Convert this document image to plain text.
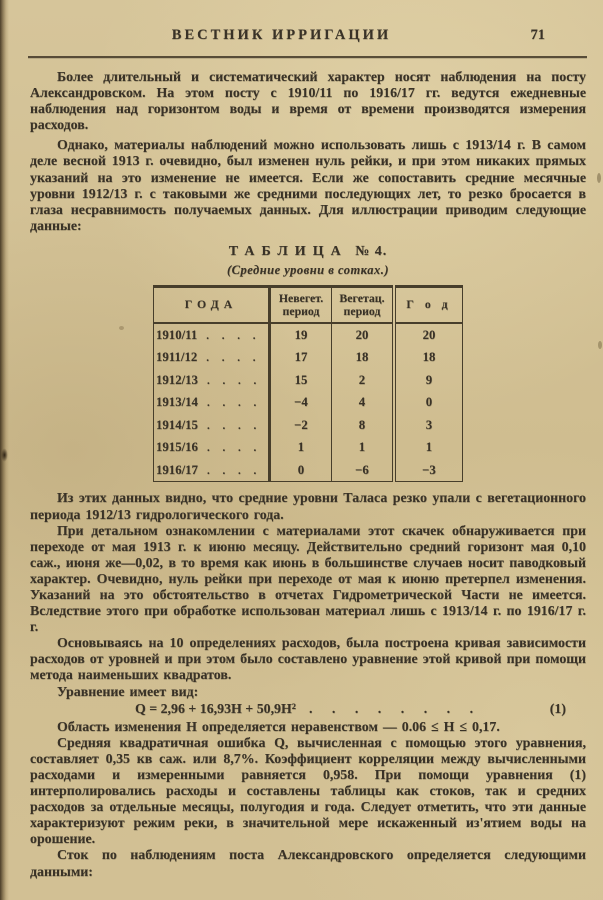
ВЕСТНИК ИРРИГАЦИИ	71

Более длительный и систематический характер носят наблюдения на посту Александровском. На этом посту с 1910/11 по 1916/17 гг. ведутся ежедневные наблюдения над горизонтом воды и время от времени производятся измерения расходов.

Однако, материалы наблюдений можно использовать лишь с 1913/14 г. В самом деле весной 1913 г. очевидно, был изменен нуль рейки, и при этом никаких прямых указаний на это изменение не имеется. Если же сопоставить средние месячные уровни 1912/13 г. с таковыми же средними последующих лет, то резко бросается в глаза несравнимость получаемых данных. Для иллюстрации приводим следующие данные:

ТАБЛИЦА № 4.
(Средние уровни в сотках.)
ГОДА	Невегет. период	Вегетац. период	Г о д
1910/11 . . . .	19	20	20
1911/12 . . . .	17	18	18
1912/13 . . . .	15	2	9
1913/14 . . . .	−4	4	0
1914/15 . . . .	−2	8	3
1915/16 . . . .	1	1	1
1916/17 . . . .	0	−6	−3

Из этих данных видно, что средние уровни Таласа резко упали с вегетационного периода 1912/13 гидрологического года.

При детальном ознакомлении с материалами этот скачек обнаруживается при переходе от мая 1913 г. к июню месяцу. Действительно средний горизонт мая 0,10 саж., июня же—0,02, в то время как июнь в большинстве случаев носит паводковый характер. Очевидно, нуль рейки при переходе от мая к июню претерпел изменения. Указаний на это обстоятельство в отчетах Гидрометрической Части не имеется. Вследствие этого при обработке использован материал лишь с 1913/14 г. по 1916/17 г. г.

Основываясь на 10 определениях расходов, была построена кривая зависимости расходов от уровней и при этом было составлено уравнение этой кривой при помощи метода наименьших квадратов.

Уравнение имеет вид:

Q = 2,96 + 16,93Н + 50,9Н² . . . . . . . .	(1)

Область изменения Н определяется неравенством — 0.06 ≤ Н ≤ 0,17.

Средняя квадратичная ошибка Q, вычисленная с помощью этого уравнения, составляет 0,35 кв саж. или 8,7%. Коэффициент корреляции между вычисленными расходами и измеренными равняется 0,958. При помощи уравнения (1) интерполировались расходы и составлены таблицы как стоков, так и средних расходов за отдельные месяцы, полугодия и года. Следует отметить, что эти данные характеризуют режим реки, в значительной мере искаженный из'ятием воды на орошение.

Сток по наблюдениям поста Александровского определяется следующими данными:
